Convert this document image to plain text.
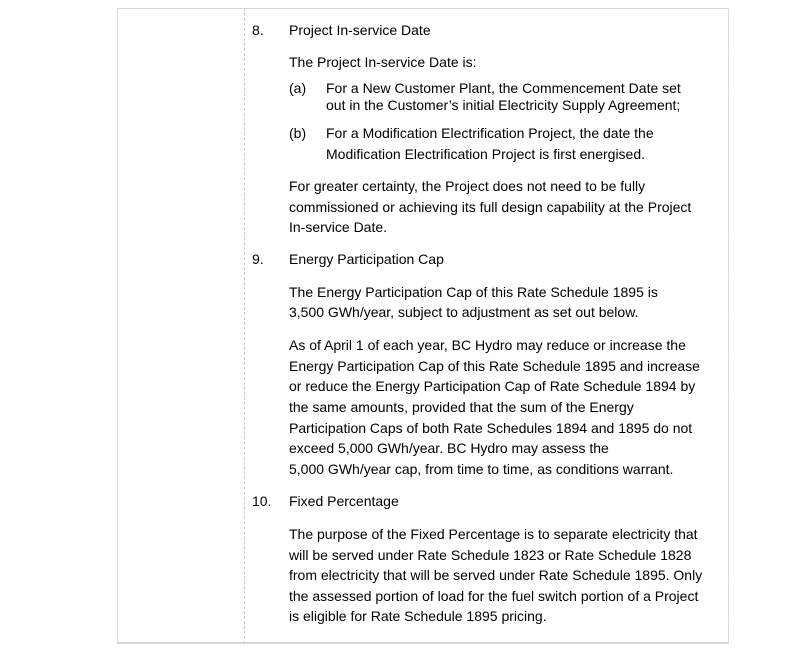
8. Project In-service Date
The Project In-service Date is:
(a) For a New Customer Plant, the Commencement Date set
out in the Customer’s initial Electricity Supply Agreement;
(b) For a Modification Electrification Project, the date the
Modification Electrification Project is first energised.
For greater certainty, the Project does not need to be fully
commissioned or achieving its full design capability at the Project
In-service Date.
9. Energy Participation Cap
The Energy Participation Cap of this Rate Schedule 1895 is
3,500 GWh/year, subject to adjustment as set out below.
As of April 1 of each year, BC Hydro may reduce or increase the
Energy Participation Cap of this Rate Schedule 1895 and increase
or reduce the Energy Participation Cap of Rate Schedule 1894 by
the same amounts, provided that the sum of the Energy
Participation Caps of both Rate Schedules 1894 and 1895 do not
exceed 5,000 GWh/year. BC Hydro may assess the
5,000 GWh/year cap, from time to time, as conditions warrant.
10. Fixed Percentage
The purpose of the Fixed Percentage is to separate electricity that
will be served under Rate Schedule 1823 or Rate Schedule 1828
from electricity that will be served under Rate Schedule 1895. Only
the assessed portion of load for the fuel switch portion of a Project
is eligible for Rate Schedule 1895 pricing.
